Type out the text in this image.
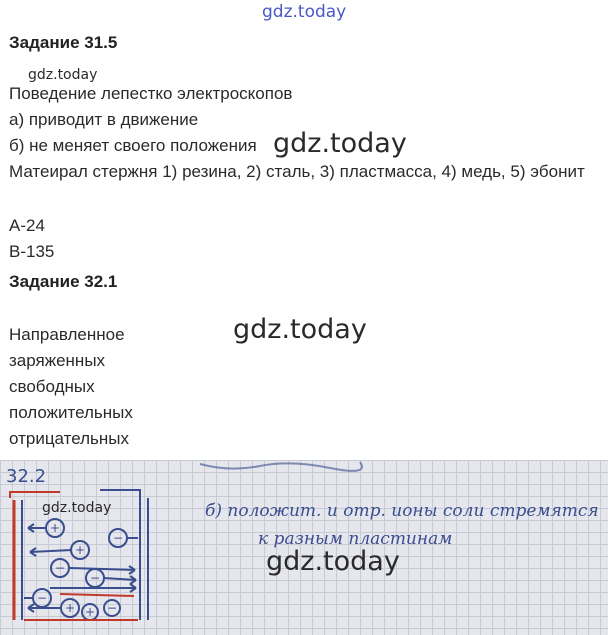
gdz.today
Задание 31.5
gdz.today
Поведение лепестко электроскопов
а) приводит в движение
б) не меняет своего положения gdz.today
Матеирал стержня 1) резина, 2) сталь, 3) пластмасса, 4) медь, 5) эбонит
А-24
В-135
Задание 32.1
Направленное	gdz.today
заряженных
свободных
положительных
отрицательных
32.2
+
−
+
−
−
−
+ + −
б) положит. и отр. ионы соли стремятся
к разным пластинам
gdz.today
gdz.today
